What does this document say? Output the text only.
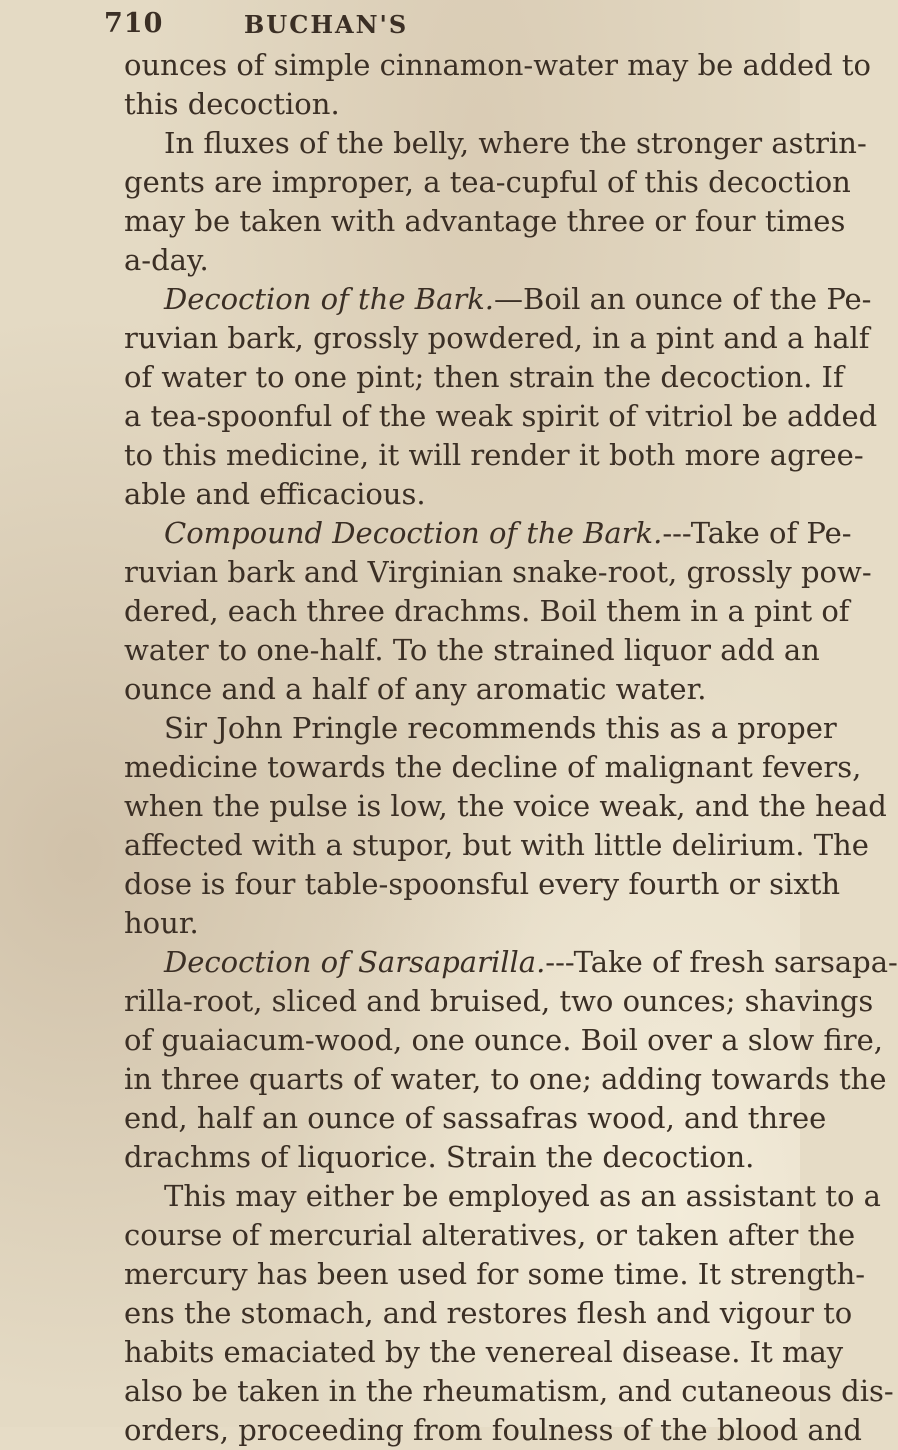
710	BUCHAN'S
ounces of simple cinnamon-water may be added to
this decoction.
In fluxes of the belly, where the stronger astrin-
gents are improper, a tea-cupful of this decoction
may be taken with advantage three or four times
a-day.
Decoction of the Bark.—Boil an ounce of the Pe-
ruvian bark, grossly powdered, in a pint and a half
of water to one pint; then strain the decoction. If
a tea-spoonful of the weak spirit of vitriol be added
to this medicine, it will render it both more agree-
able and efficacious.
Compound Decoction of the Bark.---Take of Pe-
ruvian bark and Virginian snake-root, grossly pow-
dered, each three drachms. Boil them in a pint of
water to one-half. To the strained liquor add an
ounce and a half of any aromatic water.
Sir John Pringle recommends this as a proper
medicine towards the decline of malignant fevers,
when the pulse is low, the voice weak, and the head
affected with a stupor, but with little delirium. The
dose is four table-spoonsful every fourth or sixth
hour.
Decoction of Sarsaparilla.---Take of fresh sarsapa-
rilla-root, sliced and bruised, two ounces; shavings
of guaiacum-wood, one ounce. Boil over a slow fire,
in three quarts of water, to one; adding towards the
end, half an ounce of sassafras wood, and three
drachms of liquorice. Strain the decoction.
This may either be employed as an assistant to a
course of mercurial alteratives, or taken after the
mercury has been used for some time. It strength-
ens the stomach, and restores flesh and vigour to
habits emaciated by the venereal disease. It may
also be taken in the rheumatism, and cutaneous dis-
orders, proceeding from foulness of the blood and
